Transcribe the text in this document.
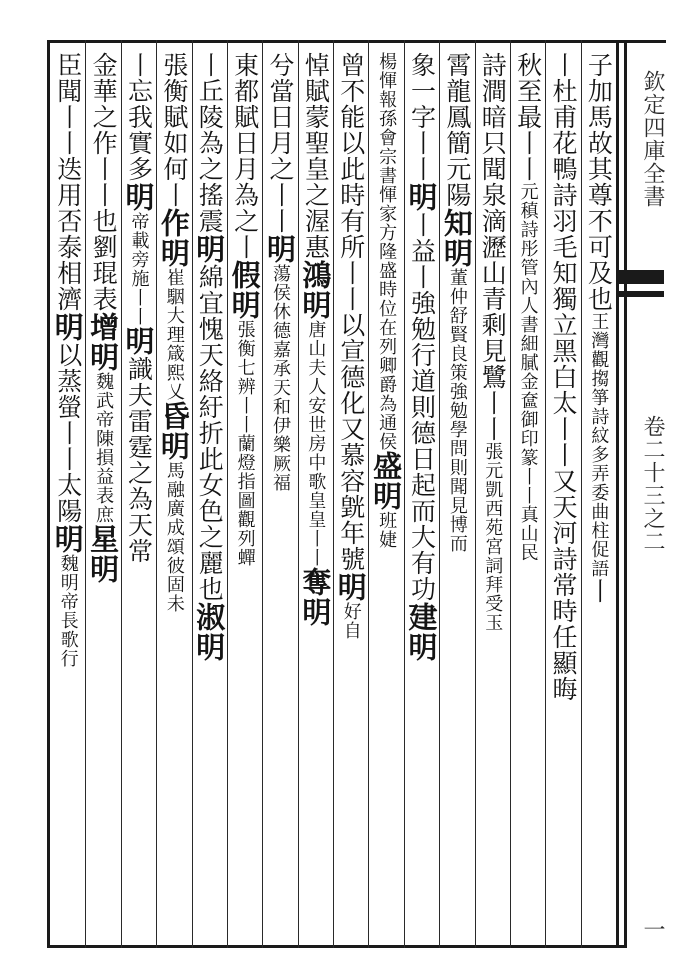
欽定四庫全書
卷二十三之二
一
子加馬故其尊不可及也王灣觀搊箏詩紋多弄委曲柱促語丨
丨杜甫花鴨詩羽毛知獨立黑白太丨丨又天河詩常時任顯晦
秋至最丨丨元稹詩彤管內人書細膩金奩御印篆丨丨真山民
詩澗暗只聞泉滴瀝山青剩見鷺丨丨張元凱西苑宮詞拜受玉
霄龍鳳簡元陽知明董仲舒賢良策強勉學問則聞見博而
象一字丨丨明丨益丨強勉行道則德日起而大有功建明
楊惲報孫會宗書惲家方隆盛時位在列卿爵為通侯盛明班婕
曾不能以此時有所丨丨以宣德化又慕容皝年號明好自
悼賦蒙聖皇之渥惠鴻明唐山夫人安世房中歌皇皇丨丨奪明
兮當日月之丨丨明蕩侯休德嘉承天和伊樂厥福
東都賦日月為之丨假明張衡七辨丨丨蘭燈指圖觀列蟬
丨丘陵為之搖震明綿宜愧天絡紆折此女色之麗也淑明
張衡賦如何丨作明崔駰大理箴熙乂昏明馬融廣成頌彼固未
丨忘我實多明帝載旁施丨丨明識夫雷霆之為天常
金華之作丨丨也劉琨表增明魏武帝陳損益表庶星明
臣聞丨丨迭用否泰相濟明以蒸螢丨丨太陽明魏明帝長歌行
